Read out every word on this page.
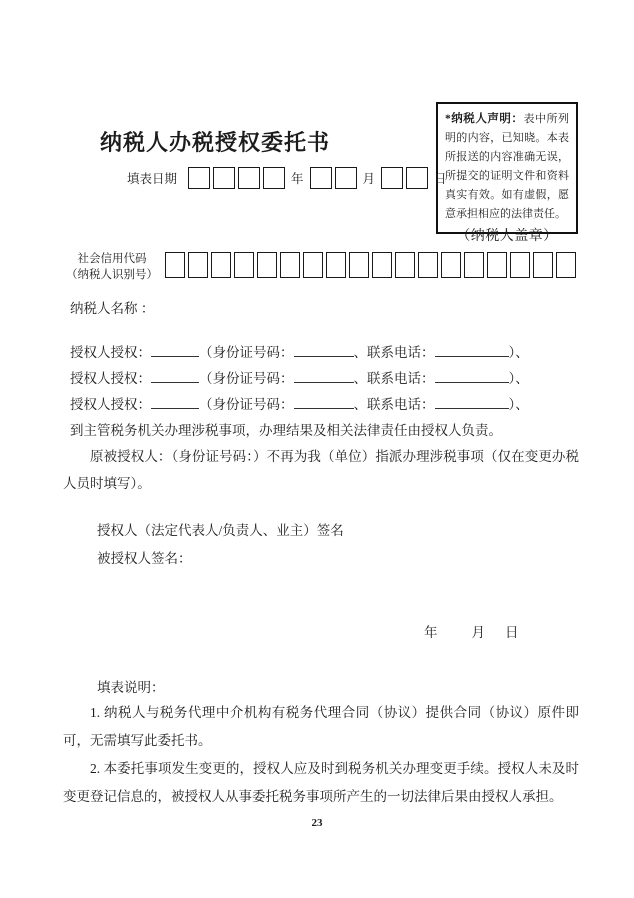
*纳税人声明：表中所列明的内容，已知晓。本表所报送的内容准确无误，所提交的证明文件和资料真实有效。如有虚假，愿意承担相应的法律责任。

（纳税人盖章）
纳税人办税授权委托书
填表日期	年	月	日
社会信用代码
（纳税人识别号）
纳税人名称 ：
授权人授权：	（身份证号码：	、联系电话：	）、
授权人授权：	（身份证号码：	、联系电话：	）、
授权人授权：	（身份证号码：	、联系电话：	）、
到主管税务机关办理涉税事项，办理结果及相关法律责任由授权人负责。
原被授权人：（身份证号码：）不再为我（单位）指派办理涉税事项（仅在变更办税人员时填写）。
授权人（法定代表人/负责人、业主）签名
被授权人签名：
年	月 日
填表说明：
1. 纳税人与税务代理中介机构有税务代理合同（协议）提供合同（协议）原件即可，无需填写此委托书。
2. 本委托事项发生变更的，授权人应及时到税务机关办理变更手续。授权人未及时变更登记信息的，被授权人从事委托税务事项所产生的一切法律后果由授权人承担。
23
